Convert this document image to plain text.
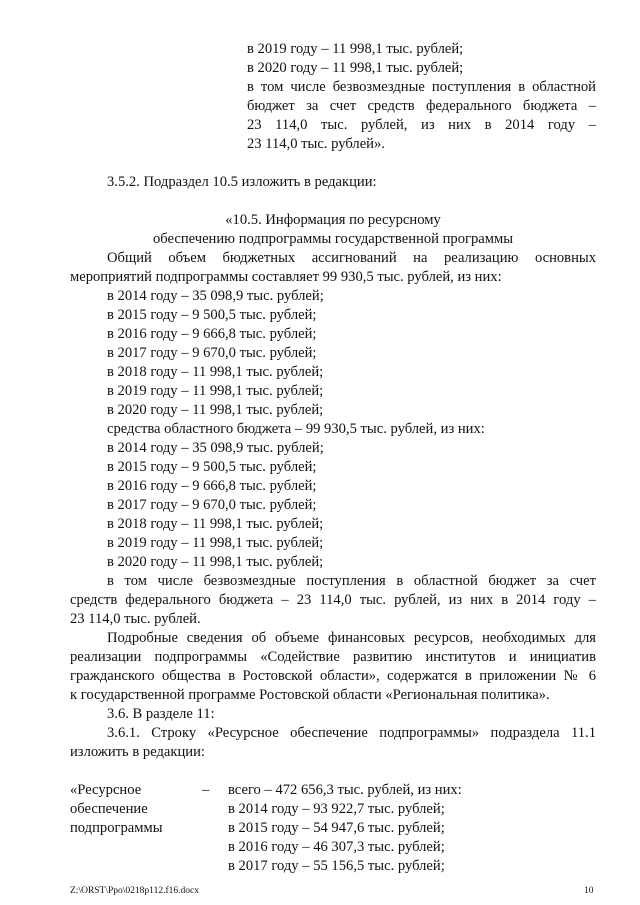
в 2019 году – 11 998,1 тыс. рублей;
в 2020 году – 11 998,1 тыс. рублей;
в том числе безвозмездные поступления в областной
бюджет за счет средств федерального бюджета –
23 114,0 тыс. рублей, из них в 2014 году –
23 114,0 тыс. рублей».
3.5.2. Подраздел 10.5 изложить в редакции:
«10.5. Информация по ресурсному
обеспечению подпрограммы государственной программы
Общий объем бюджетных ассигнований на реализацию основных
мероприятий подпрограммы составляет 99 930,5 тыс. рублей, из них:
в 2014 году – 35 098,9 тыс. рублей;
в 2015 году – 9 500,5 тыс. рублей;
в 2016 году – 9 666,8 тыс. рублей;
в 2017 году – 9 670,0 тыс. рублей;
в 2018 году – 11 998,1 тыс. рублей;
в 2019 году – 11 998,1 тыс. рублей;
в 2020 году – 11 998,1 тыс. рублей;
средства областного бюджета – 99 930,5 тыс. рублей, из них:
в 2014 году – 35 098,9 тыс. рублей;
в 2015 году – 9 500,5 тыс. рублей;
в 2016 году – 9 666,8 тыс. рублей;
в 2017 году – 9 670,0 тыс. рублей;
в 2018 году – 11 998,1 тыс. рублей;
в 2019 году – 11 998,1 тыс. рублей;
в 2020 году – 11 998,1 тыс. рублей;
в том числе безвозмездные поступления в областной бюджет за счет
средств федерального бюджета – 23 114,0 тыс. рублей, из них в 2014 году –
23 114,0 тыс. рублей.
Подробные сведения об объеме финансовых ресурсов, необходимых для
реализации подпрограммы «Содействие развитию институтов и инициатив
гражданского общества в Ростовской области», содержатся в приложении № 6
к государственной программе Ростовской области «Региональная политика».
3.6. В разделе 11:
3.6.1. Строку «Ресурсное обеспечение подпрограммы» подраздела 11.1
изложить в редакции:
«Ресурсное
обеспечение
подпрограммы
– всего – 472 656,3 тыс. рублей, из них:
в 2014 году – 93 922,7 тыс. рублей;
в 2015 году – 54 947,6 тыс. рублей;
в 2016 году – 46 307,3 тыс. рублей;
в 2017 году – 55 156,5 тыс. рублей;
Z:\ORST\Ppo\0218p112.f16.docx	10
